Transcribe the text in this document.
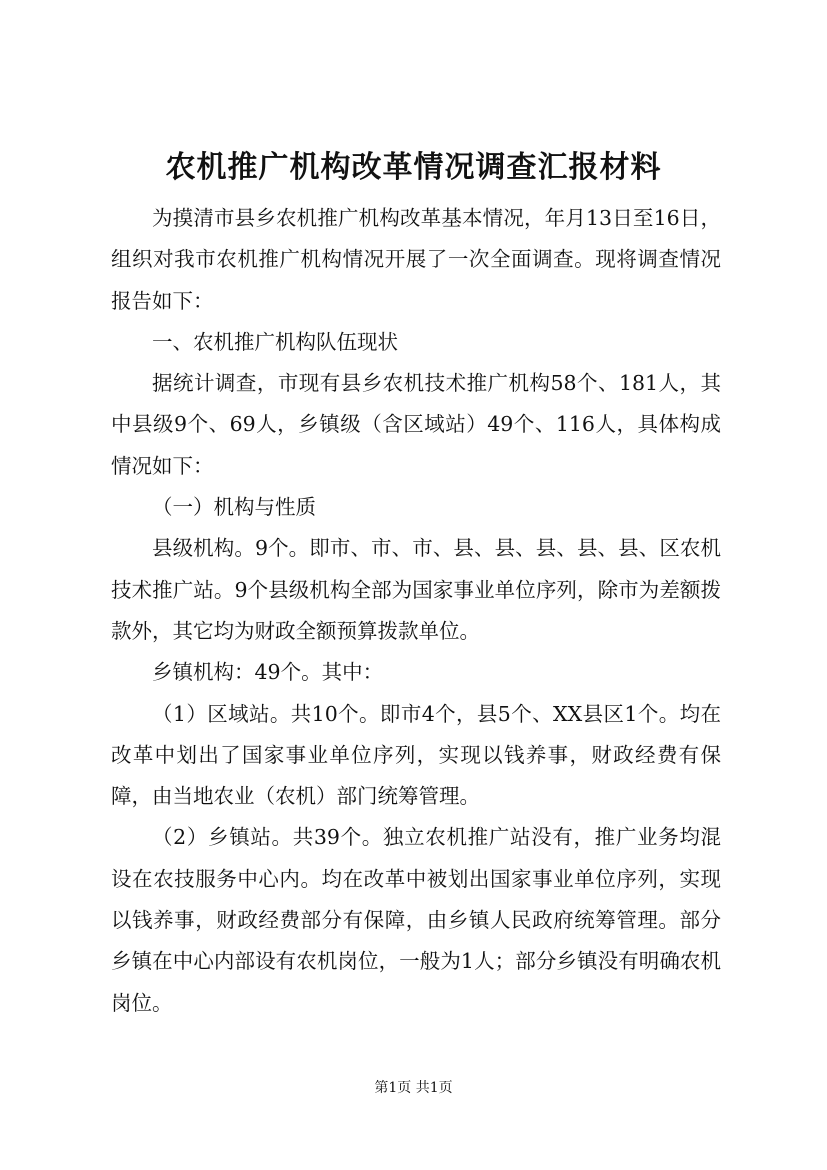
农机推广机构改革情况调查汇报材料

为摸清市县乡农机推广机构改革基本情况，年月13日至16日，组织对我市农机推广机构情况开展了一次全面调查。现将调查情况报告如下：

一、农机推广机构队伍现状

据统计调查，市现有县乡农机技术推广机构58个、181人，其中县级9个、69人，乡镇级（含区域站）49个、116人，具体构成情况如下：

（一）机构与性质

县级机构。9个。即市、市、市、县、县、县、县、县、区农机技术推广站。9个县级机构全部为国家事业单位序列，除市为差额拨款外，其它均为财政全额预算拨款单位。

乡镇机构：49个。其中：

（1）区域站。共10个。即市4个，县5个、XX县区1个。均在改革中划出了国家事业单位序列，实现以钱养事，财政经费有保障，由当地农业（农机）部门统筹管理。

（2）乡镇站。共39个。独立农机推广站没有，推广业务均混设在农技服务中心内。均在改革中被划出国家事业单位序列，实现以钱养事，财政经费部分有保障，由乡镇人民政府统筹管理。部分乡镇在中心内部设有农机岗位，一般为1人；部分乡镇没有明确农机岗位。

第1页 共1页
